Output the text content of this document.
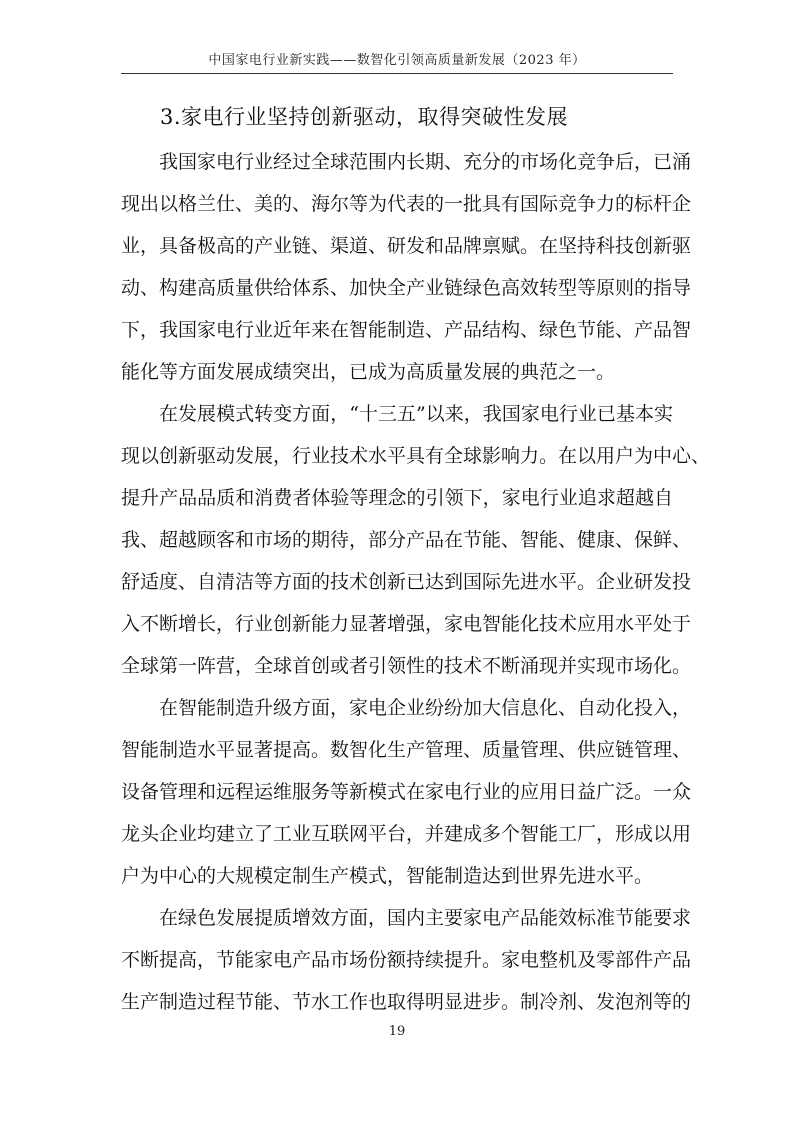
中国家电行业新实践——数智化引领高质量新发展（2023 年）
3.家电行业坚持创新驱动，取得突破性发展
我国家电行业经过全球范围内长期、充分的市场化竞争后，已涌
现出以格兰仕、美的、海尔等为代表的一批具有国际竞争力的标杆企
业，具备极高的产业链、渠道、研发和品牌禀赋。在坚持科技创新驱
动、构建高质量供给体系、加快全产业链绿色高效转型等原则的指导
下，我国家电行业近年来在智能制造、产品结构、绿色节能、产品智
能化等方面发展成绩突出，已成为高质量发展的典范之一。
在发展模式转变方面，“十三五”以来，我国家电行业已基本实
现以创新驱动发展，行业技术水平具有全球影响力。在以用户为中心、
提升产品品质和消费者体验等理念的引领下，家电行业追求超越自
我、超越顾客和市场的期待，部分产品在节能、智能、健康、保鲜、
舒适度、自清洁等方面的技术创新已达到国际先进水平。企业研发投
入不断增长，行业创新能力显著增强，家电智能化技术应用水平处于
全球第一阵营，全球首创或者引领性的技术不断涌现并实现市场化。
在智能制造升级方面，家电企业纷纷加大信息化、自动化投入，
智能制造水平显著提高。数智化生产管理、质量管理、供应链管理、
设备管理和远程运维服务等新模式在家电行业的应用日益广泛。一众
龙头企业均建立了工业互联网平台，并建成多个智能工厂，形成以用
户为中心的大规模定制生产模式，智能制造达到世界先进水平。
在绿色发展提质增效方面，国内主要家电产品能效标准节能要求
不断提高，节能家电产品市场份额持续提升。家电整机及零部件产品
生产制造过程节能、节水工作也取得明显进步。制冷剂、发泡剂等的
19
